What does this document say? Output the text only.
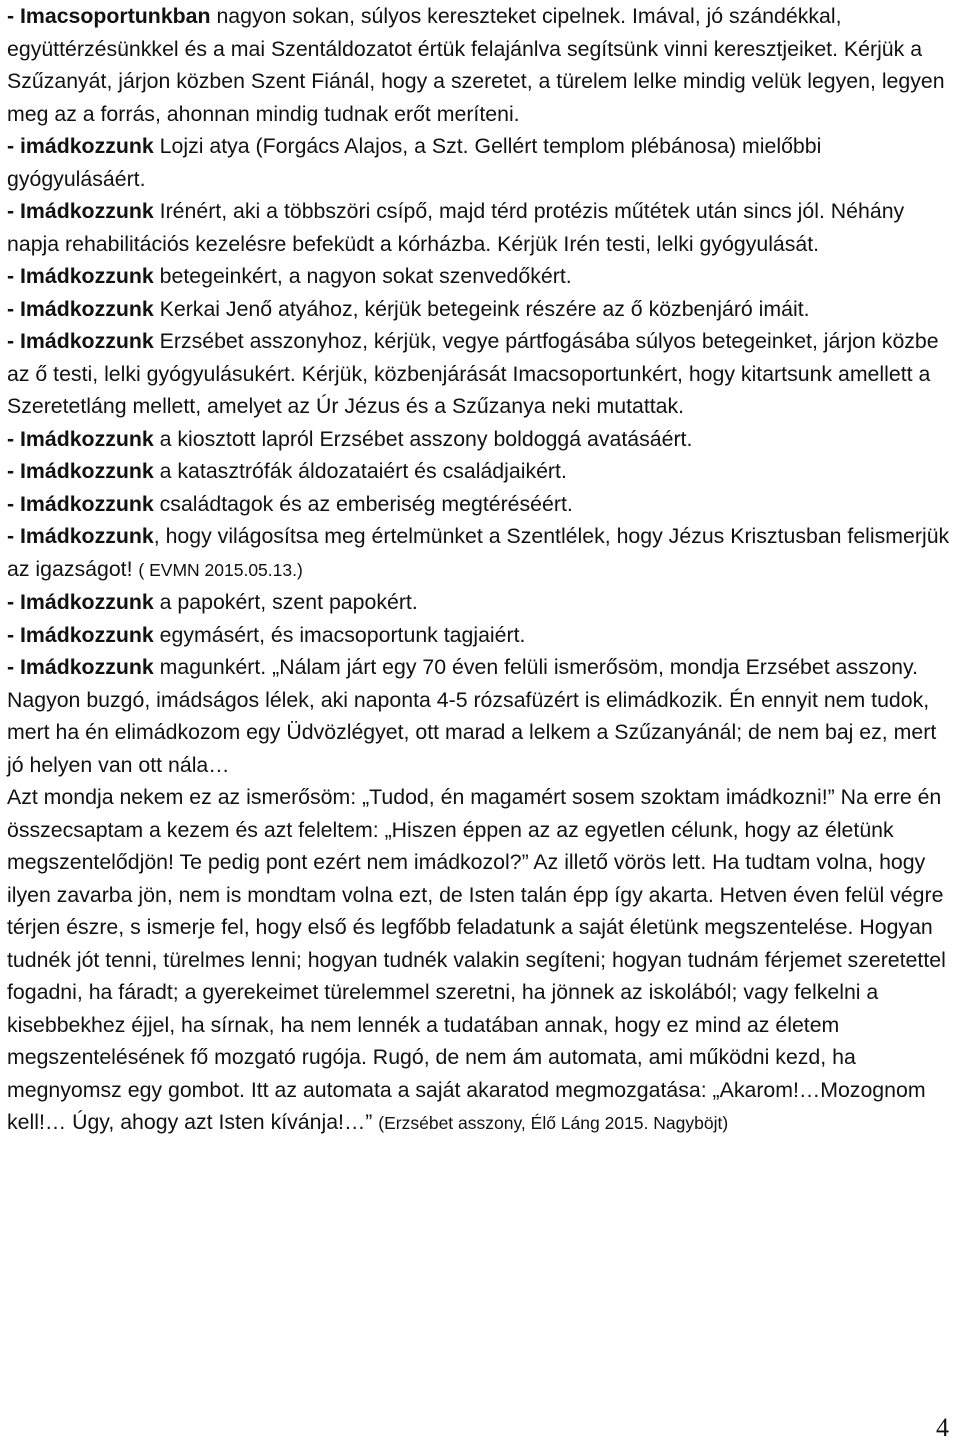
- Imacsoportunkban nagyon sokan, súlyos kereszteket cipelnek. Imával, jó szándékkal, együttérzésünkkel és a mai Szentáldozatot értük felajánlva segítsünk vinni keresztjeiket. Kérjük a Szűzanyát, járjon közben Szent Fiánál, hogy a szeretet, a türelem lelke mindig velük legyen, legyen meg az a forrás, ahonnan mindig tudnak erőt meríteni.

- imádkozzunk Lojzi atya (Forgács Alajos, a Szt. Gellért templom plébánosa) mielőbbi gyógyulásáért.

- Imádkozzunk Irénért, aki a többszöri csípő, majd térd protézis műtétek után sincs jól. Néhány napja rehabilitációs kezelésre befeküdt a kórházba. Kérjük Irén testi, lelki gyógyulását.

- Imádkozzunk betegeinkért, a nagyon sokat szenvedőkért.

- Imádkozzunk Kerkai Jenő atyához, kérjük betegeink részére az ő közbenjáró imáit.

- Imádkozzunk Erzsébet asszonyhoz, kérjük, vegye pártfogásába súlyos betegeinket, járjon közbe az ő testi, lelki gyógyulásukért. Kérjük, közbenjárását Imacsoportunkért, hogy kitartsunk amellett a Szeretetláng mellett, amelyet az Úr Jézus és a Szűzanya neki mutattak.

- Imádkozzunk a kiosztott lapról Erzsébet asszony boldoggá avatásáért.

- Imádkozzunk a katasztrófák áldozataiért és családjaikért.

- Imádkozzunk családtagok és az emberiség megtéréséért.

- Imádkozzunk, hogy világosítsa meg értelmünket a Szentlélek, hogy Jézus Krisztusban felismerjük az igazságot! ( EVMN 2015.05.13.)

- Imádkozzunk a papokért, szent papokért.

- Imádkozzunk egymásért, és imacsoportunk tagjaiért.

- Imádkozzunk magunkért. „Nálam járt egy 70 éven felüli ismerősöm, mondja Erzsébet asszony. Nagyon buzgó, imádságos lélek, aki naponta 4-5 rózsafüzért is elimádkozik. Én ennyit nem tudok, mert ha én elimádkozom egy Üdvözlégyet, ott marad a lelkem a Szűzanyánál; de nem baj ez, mert jó helyen van ott nála…

Azt mondja nekem ez az ismerősöm: „Tudod, én magamért sosem szoktam imádkozni!” Na erre én összecsaptam a kezem és azt feleltem: „Hiszen éppen az az egyetlen célunk, hogy az életünk megszentelődjön! Te pedig pont ezért nem imádkozol?” Az illető vörös lett. Ha tudtam volna, hogy ilyen zavarba jön, nem is mondtam volna ezt, de Isten talán épp így akarta. Hetven éven felül végre térjen észre, s ismerje fel, hogy első és legfőbb feladatunk a saját életünk megszentelése. Hogyan tudnék jót tenni, türelmes lenni; hogyan tudnék valakin segíteni; hogyan tudnám férjemet szeretettel fogadni, ha fáradt; a gyerekeimet türelemmel szeretni, ha jönnek az iskolából; vagy felkelni a kisebbekhez éjjel, ha sírnak, ha nem lennék a tudatában annak, hogy ez mind az életem megszentelésének fő mozgató rugója. Rugó, de nem ám automata, ami működni kezd, ha megnyomsz egy gombot. Itt az automata a saját akaratod megmozgatása: „Akarom!…Mozognom kell!… Úgy, ahogy azt Isten kívánja!…” (Erzsébet asszony, Élő Láng 2015. Nagyböjt)

4
